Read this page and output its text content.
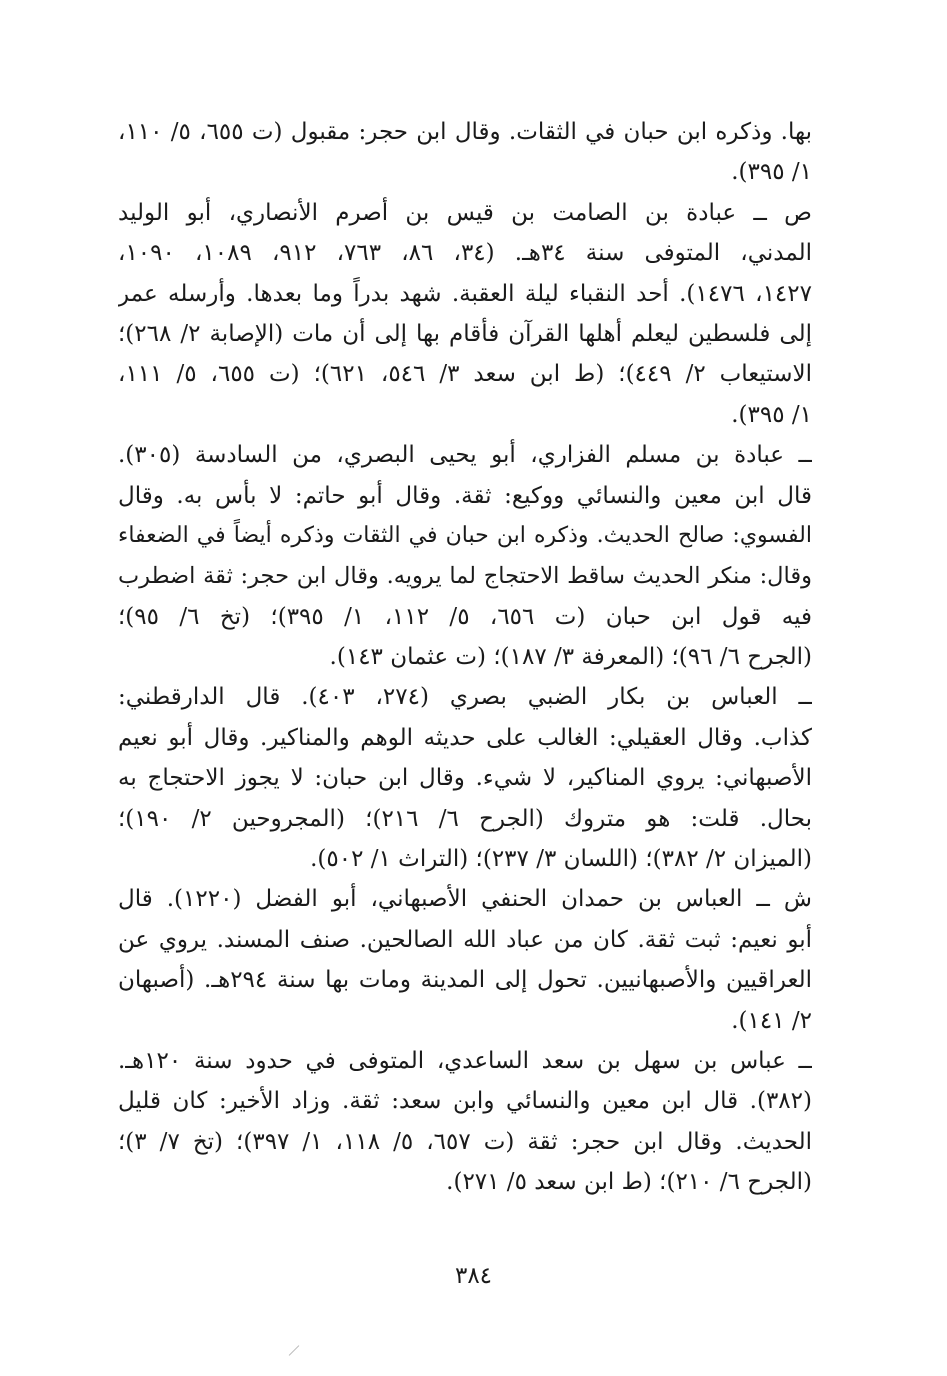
بها. وذكره ابن حبان في الثقات. وقال ابن حجر: مقبول (ت ٦٥٥، ٥/ ١١٠،
١/ ٣٩٥).
ص ــ عبادة بن الصامت بن قيس بن أصرم الأنصاري، أبو الوليد
المدني، المتوفى سنة ٣٤هـ. (٣٤، ٨٦، ٧٦٣، ٩١٢، ١٠٨٩، ١٠٩٠،
١٤٢٧، ١٤٧٦). أحد النقباء ليلة العقبة. شهد بدراً وما بعدها. وأرسله عمر
إلى فلسطين ليعلم أهلها القرآن فأقام بها إلى أن مات (الإصابة ٢/ ٢٦٨)؛
الاستيعاب ٢/ ٤٤٩)؛ (ط ابن سعد ٣/ ٥٤٦، ٦٢١)؛ (ت ٦٥٥، ٥/ ١١١،
١/ ٣٩٥).
ــ عبادة بن مسلم الفزاري، أبو يحيى البصري، من السادسة (٣٠٥).
قال ابن معين والنسائي ووكيع: ثقة. وقال أبو حاتم: لا بأس به. وقال
الفسوي: صالح الحديث. وذكره ابن حبان في الثقات وذكره أيضاً في الضعفاء
وقال: منكر الحديث ساقط الاحتجاج لما يرويه. وقال ابن حجر: ثقة اضطرب
فيه قول ابن حبان (ت ٦٥٦، ٥/ ١١٢، ١/ ٣٩٥)؛ (تخ ٦/ ٩٥)؛
(الجرح ٦/ ٩٦)؛ (المعرفة ٣/ ١٨٧)؛ (ت عثمان ١٤٣).
ــ العباس بن بكار الضبي بصري (٢٧٤، ٤٠٣). قال الدارقطني:
كذاب. وقال العقيلي: الغالب على حديثه الوهم والمناكير. وقال أبو نعيم
الأصبهاني: يروي المناكير، لا شيء. وقال ابن حبان: لا يجوز الاحتجاج به
بحال. قلت: هو متروك (الجرح ٦/ ٢١٦)؛ (المجروحين ٢/ ١٩٠)؛
(الميزان ٢/ ٣٨٢)؛ (اللسان ٣/ ٢٣٧)؛ (التراث ١/ ٥٠٢).
ش ــ العباس بن حمدان الحنفي الأصبهاني، أبو الفضل (١٢٢٠). قال
أبو نعيم: ثبت ثقة. كان من عباد الله الصالحين. صنف المسند. يروي عن
العراقيين والأصبهانيين. تحول إلى المدينة ومات بها سنة ٢٩٤هـ. (أصبهان
٢/ ١٤١).
ــ عباس بن سهل بن سعد الساعدي، المتوفى في حدود سنة ١٢٠هـ.
(٣٨٢). قال ابن معين والنسائي وابن سعد: ثقة. وزاد الأخير: كان قليل
الحديث. وقال ابن حجر: ثقة (ت ٦٥٧، ٥/ ١١٨، ١/ ٣٩٧)؛ (تخ ٧/ ٣)؛
(الجرح ٦/ ٢١٠)؛ (ط ابن سعد ٥/ ٢٧١).
٣٨٤
